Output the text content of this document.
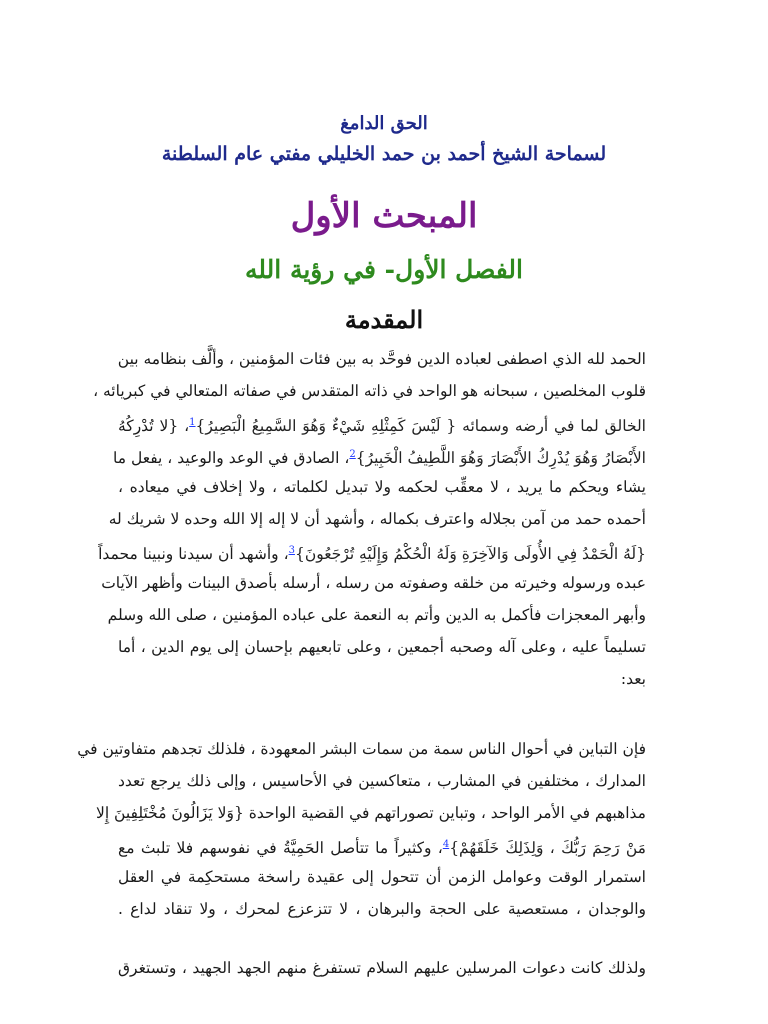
الحق الدامغ
لسماحة الشيخ أحمد بن حمد الخليلي مفتي عام السلطنة
المبحث الأول
الفصل الأول- في رؤية الله
المقدمة
الحمد لله الذي اصطفى لعباده الدين فوحَّد به بين فئات المؤمنين ، وألَّف بنظامه بين
قلوب المخلصين ، سبحانه هو الواحد في ذاته المتقدس في صفاته المتعالي في كبريائه ،
الخالق لما في أرضه وسمائه { لَيْسَ كَمِثْلِهِ شَيْءٌ وَهُوَ السَّمِيعُ الْبَصِيرُ}$^1$، {لا تُدْرِكُهُ
الأَبْصَارُ وَهُوَ يُدْرِكُ الأَبْصَارَ وَهُوَ اللَّطِيفُ الْخَبِيرُ}$^2$، الصادق في الوعد والوعيد ، يفعل ما
يشاء ويحكم ما يريد ، لا معقِّب لحكمه ولا تبديل لكلماته ، ولا إخلاف في ميعاده ،
أحمده حمد من آمن بجلاله واعترف بكماله ، وأشهد أن لا إله إلا الله وحده لا شريك له
{لَهُ الْحَمْدُ فِي الأُولَى وَالآخِرَةِ وَلَهُ الْحُكْمُ وَإِلَيْهِ تُرْجَعُونَ}$^3$، وأشهد أن سيدنا ونبينا محمداً
عبده ورسوله وخيرته من خلقه وصفوته من رسله ، أرسله بأصدق البينات وأظهر الآيات
وأبهر المعجزات فأكمل به الدين وأتم به النعمة على عباده المؤمنين ، صلى الله وسلم
تسليماً عليه ، وعلى آله وصحبه أجمعين ، وعلى تابعيهم بإحسان إلى يوم الدين ، أما
بعد:
فإن التباين في أحوال الناس سمة من سمات البشر المعهودة ، فلذلك تجدهم متفاوتين في
المدارك ، مختلفين في المشارب ، متعاكسين في الأحاسيس ، وإلى ذلك يرجع تعدد
مذاهبهم في الأمر الواحد ، وتباين تصوراتهم في القضية الواحدة {وَلا يَزَالُونَ مُخْتَلِفِينَ إِلا
مَنْ رَحِمَ رَبُّكَ ، وَلِذَلِكَ خَلَقَهُمْ}$^4$، وكثيراً ما تتأصل الحَمِيَّةُ في نفوسهم فلا تلبث مع
استمرار الوقت وعوامل الزمن أن تتحول إلى عقيدة راسخة مستحكِمة في العقل
والوجدان ، مستعصية على الحجة والبرهان ، لا تتزعزع لمحرك ، ولا تنقاد لداع .
ولذلك كانت دعوات المرسلين عليهم السلام تستفرغ منهم الجهد الجهيد ، وتستغرق
